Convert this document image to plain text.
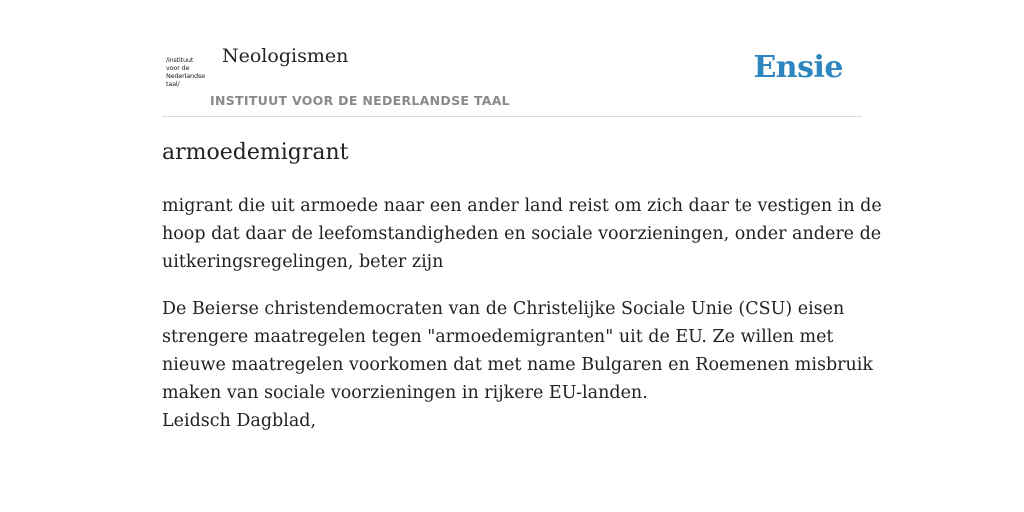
/instituut
voor de
Nederlandse
taal/
Neologismen
INSTITUUT VOOR DE NEDERLANDSE TAAL
Ensie
armoedemigrant
migrant die uit armoede naar een ander land reist om zich daar te vestigen in de
hoop dat daar de leefomstandigheden en sociale voorzieningen, onder andere de
uitkeringsregelingen, beter zijn
De Beierse christendemocraten van de Christelijke Sociale Unie (CSU) eisen
strengere maatregelen tegen "armoedemigranten" uit de EU. Ze willen met
nieuwe maatregelen voorkomen dat met name Bulgaren en Roemenen misbruik
maken van sociale voorzieningen in rijkere EU-landen.
Leidsch Dagblad,
